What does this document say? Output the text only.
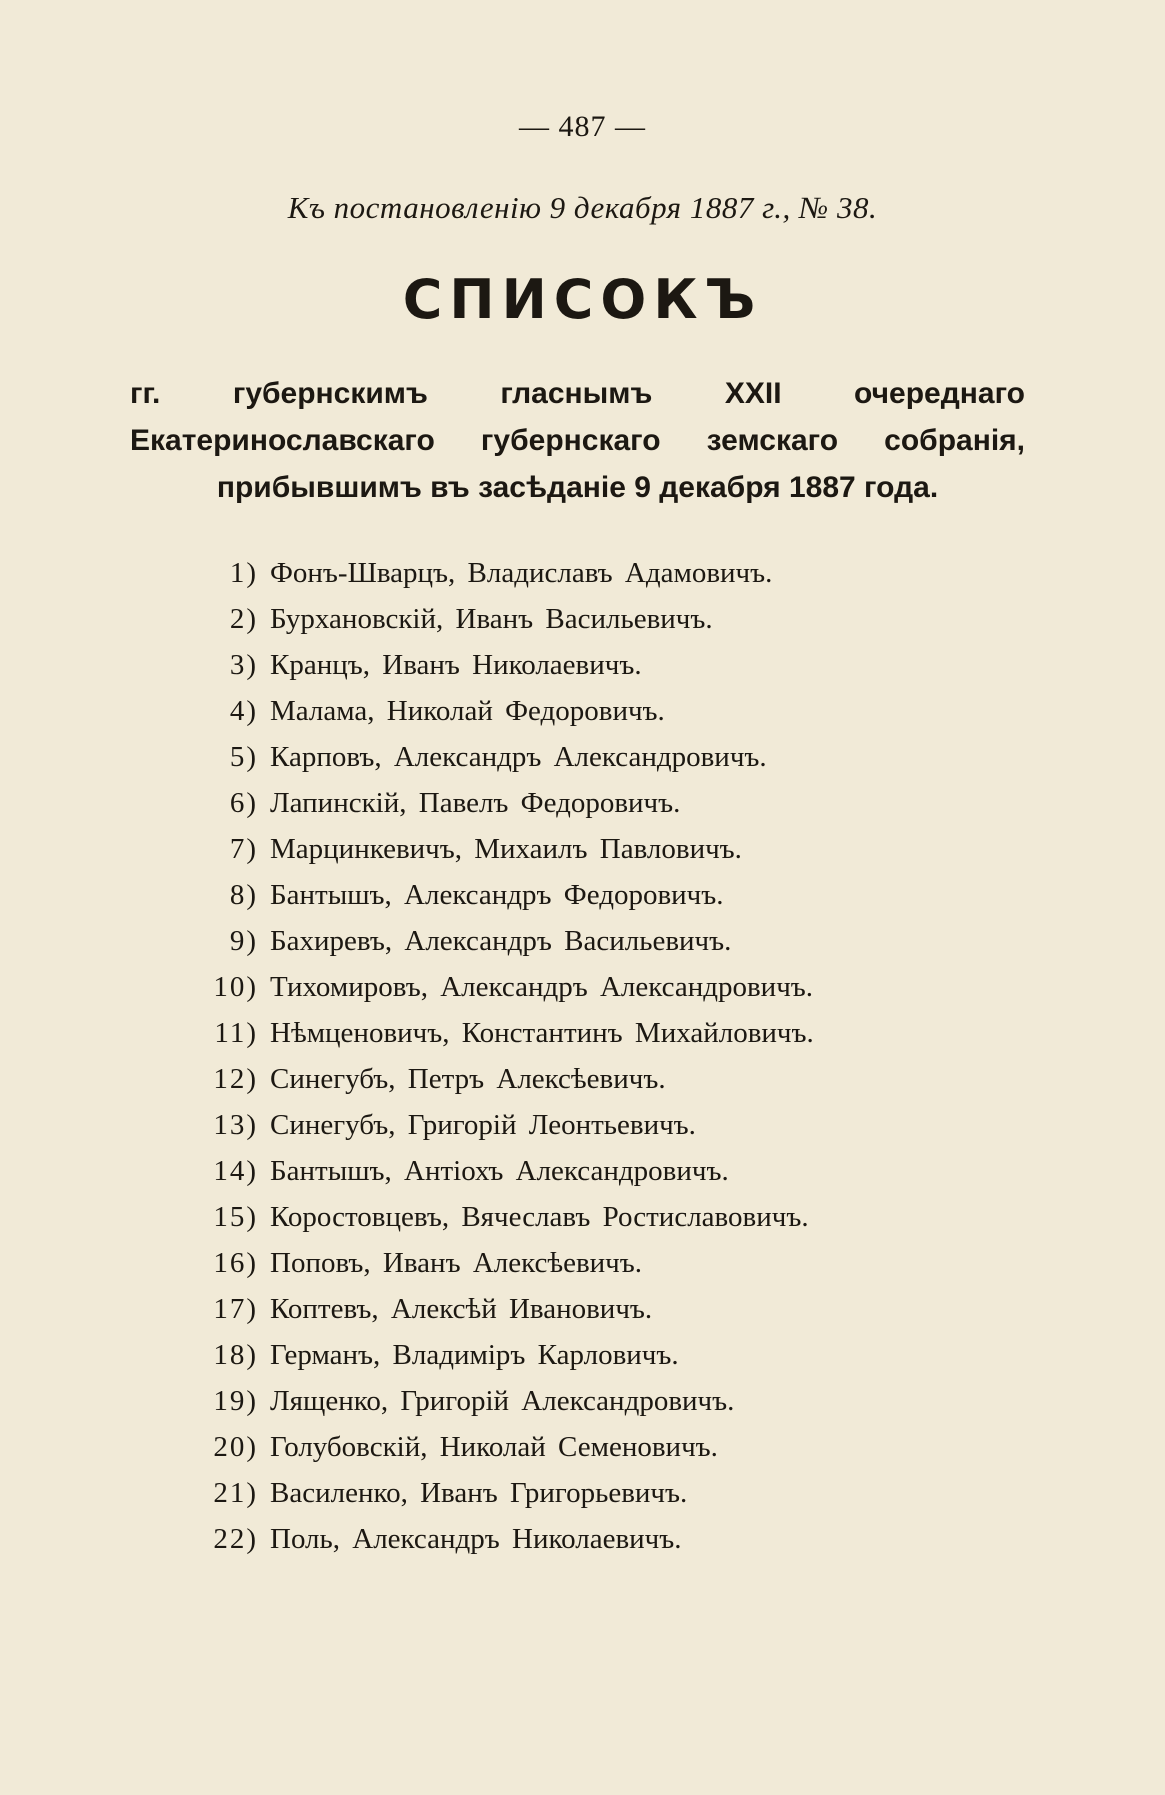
— 487 —
Къ постановленію 9 декабря 1887 г., № 38.
СПИСОКЪ
гг. губернскимъ гласнымъ XXII очереднаго Екатеринославскаго губернскаго земскаго собранія, прибывшимъ въ засѣданіе 9 декабря 1887 года.
1) Фонъ-Шварцъ, Владиславъ Адамовичъ.
2) Бурхановскій, Иванъ Васильевичъ.
3) Кранцъ, Иванъ Николаевичъ.
4) Малама, Николай Федоровичъ.
5) Карповъ, Александръ Александровичъ.
6) Лапинскій, Павелъ Федоровичъ.
7) Марцинкевичъ, Михаилъ Павловичъ.
8) Бантышъ, Александръ Федоровичъ.
9) Бахиревъ, Александръ Васильевичъ.
10) Тихомировъ, Александръ Александровичъ.
11) Нѣмценовичъ, Константинъ Михайловичъ.
12) Синегубъ, Петръ Алексѣевичъ.
13) Синегубъ, Григорій Леонтьевичъ.
14) Бантышъ, Антіохъ Александровичъ.
15) Коростовцевъ, Вячеславъ Ростиславовичъ.
16) Поповъ, Иванъ Алексѣевичъ.
17) Коптевъ, Алексѣй Ивановичъ.
18) Германъ, Владиміръ Карловичъ.
19) Лященко, Григорій Александровичъ.
20) Голубовскій, Николай Семеновичъ.
21) Василенко, Иванъ Григорьевичъ.
22) Поль, Александръ Николаевичъ.
